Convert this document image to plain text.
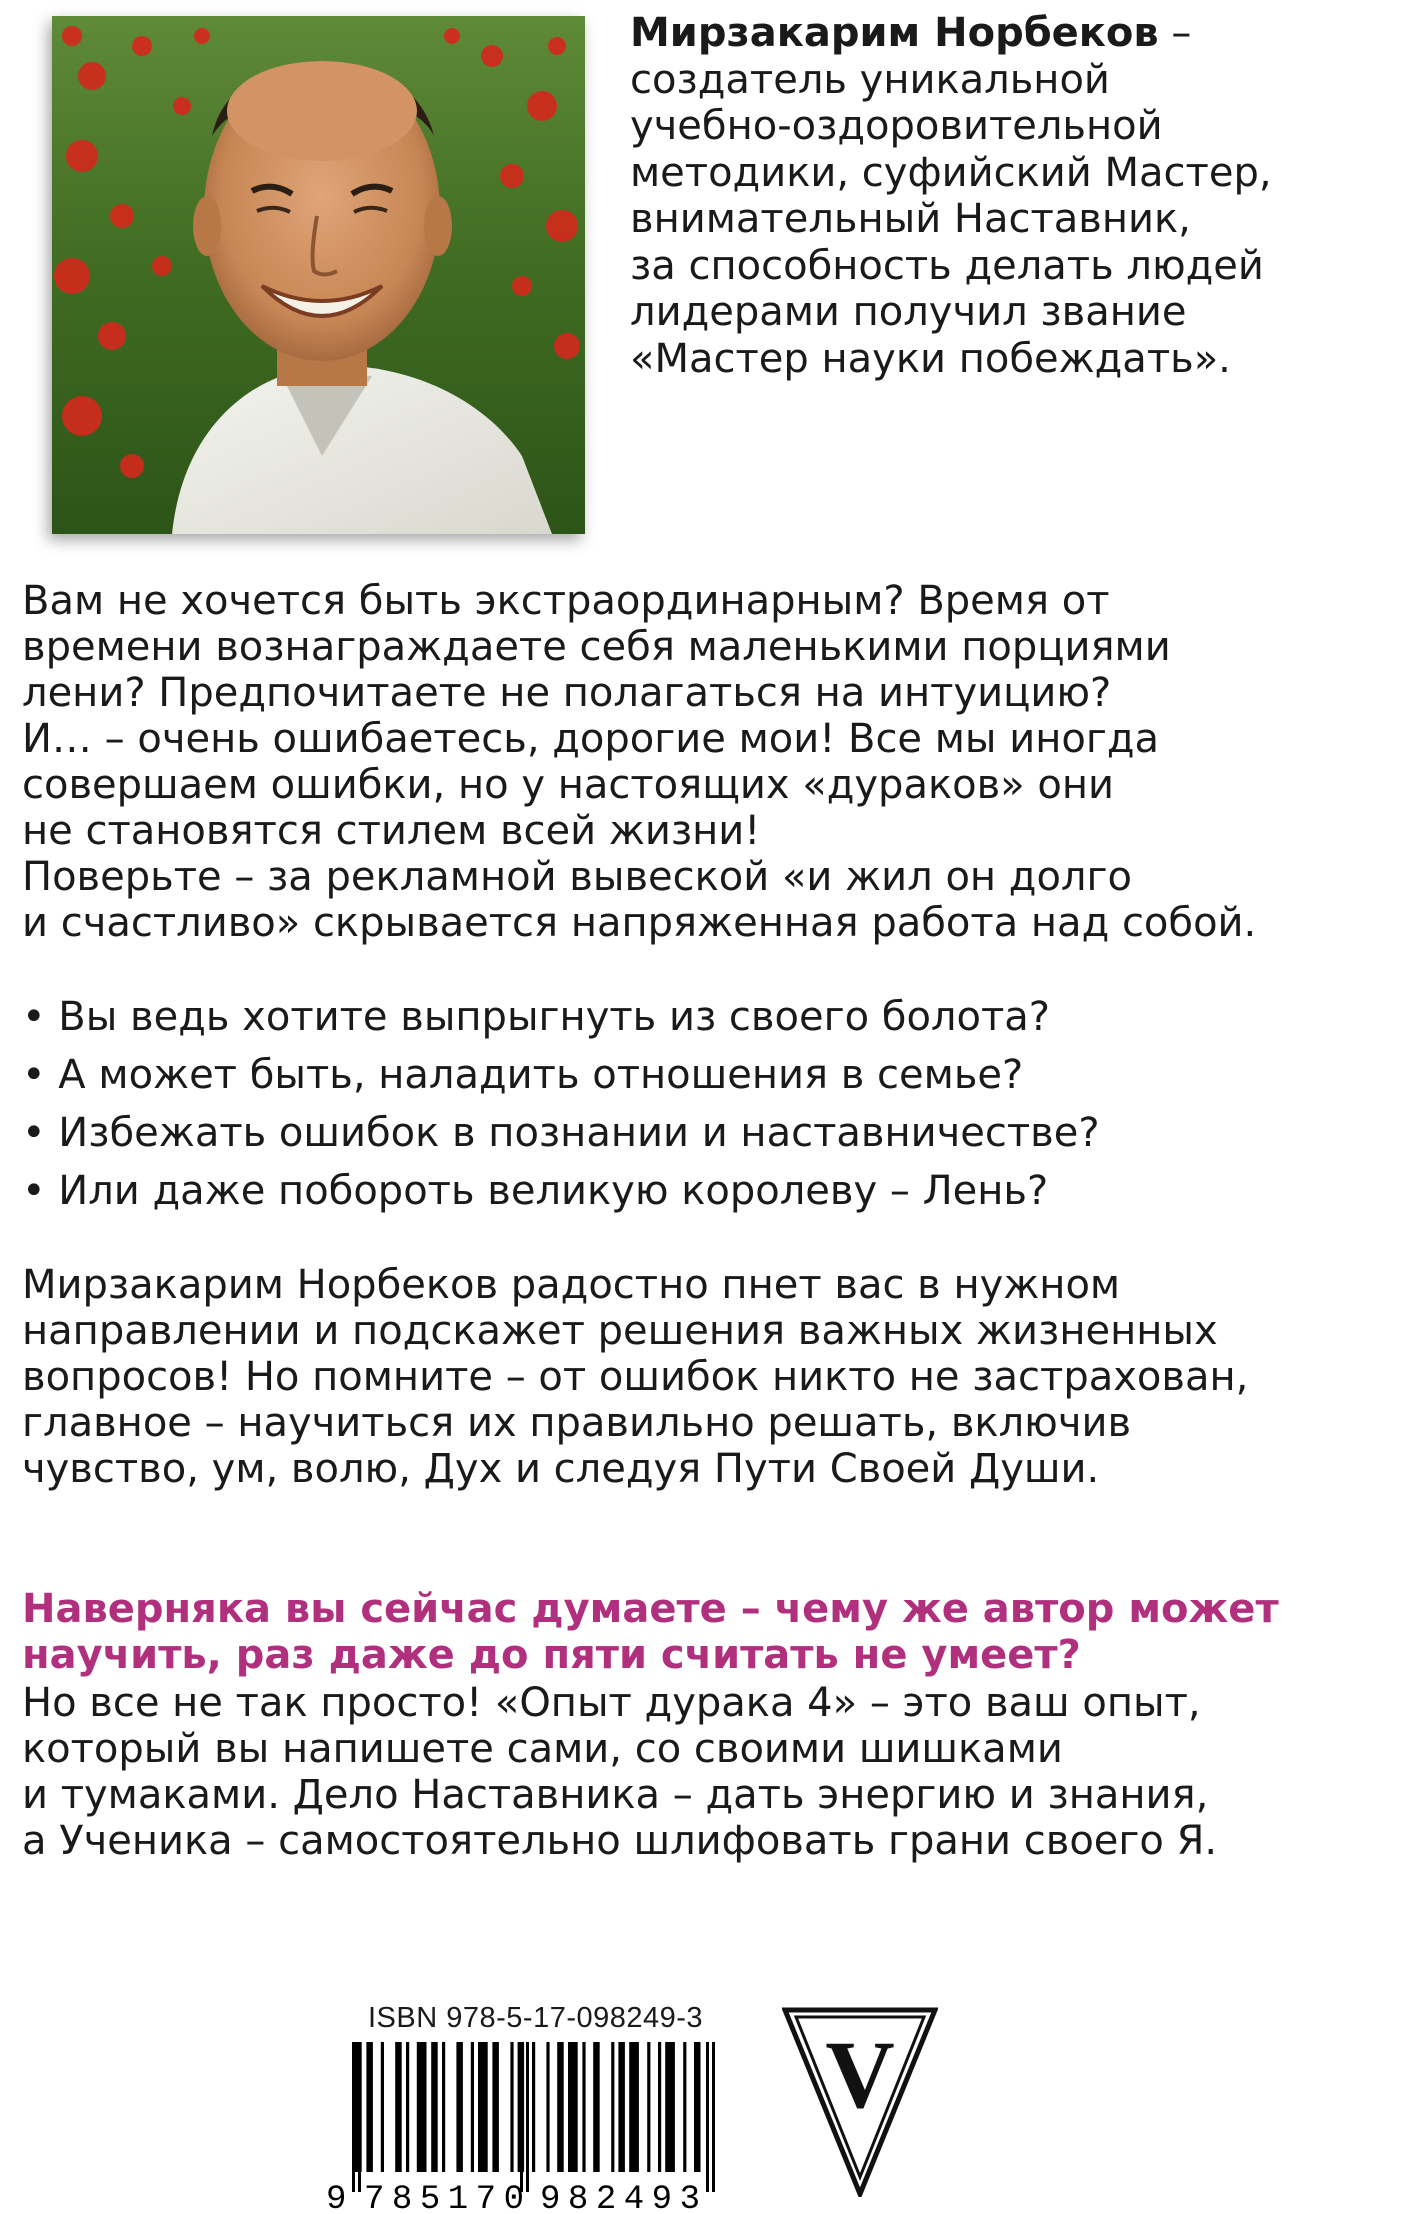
Мирзакарим Норбеков –
создатель уникальной
учебно-оздоровительной
методики, суфийский Мастер,
внимательный Наставник,
за способность делать людей
лидерами получил звание
«Мастер науки побеждать».

Вам не хочется быть экстраординарным? Время от
времени вознаграждаете себя маленькими порциями
лени? Предпочитаете не полагаться на интуицию?
И… – очень ошибаетесь, дорогие мои! Все мы иногда
совершаем ошибки, но у настоящих «дураков» они
не становятся стилем всей жизни!
Поверьте – за рекламной вывеской «и жил он долго
и счастливо» скрывается напряженная работа над собой.

• Вы ведь хотите выпрыгнуть из своего болота?
• А может быть, наладить отношения в семье?
• Избежать ошибок в познании и наставничестве?
• Или даже побороть великую королеву – Лень?

Мирзакарим Норбеков радостно пнет вас в нужном
направлении и подскажет решения важных жизненных
вопросов! Но помните – от ошибок никто не застрахован,
главное – научиться их правильно решать, включив
чувство, ум, волю, Дух и следуя Пути Своей Души.

Наверняка вы сейчас думаете – чему же автор может
научить, раз даже до пяти считать не умеет?

Но все не так просто! «Опыт дурака 4» – это ваш опыт,
который вы напишете сами, со своими шишками
и тумаками. Дело Наставника – дать энергию и знания,
а Ученика – самостоятельно шлифовать грани своего Я.

ISBN 978-5-17-098249-3
9 785170 982493
V
